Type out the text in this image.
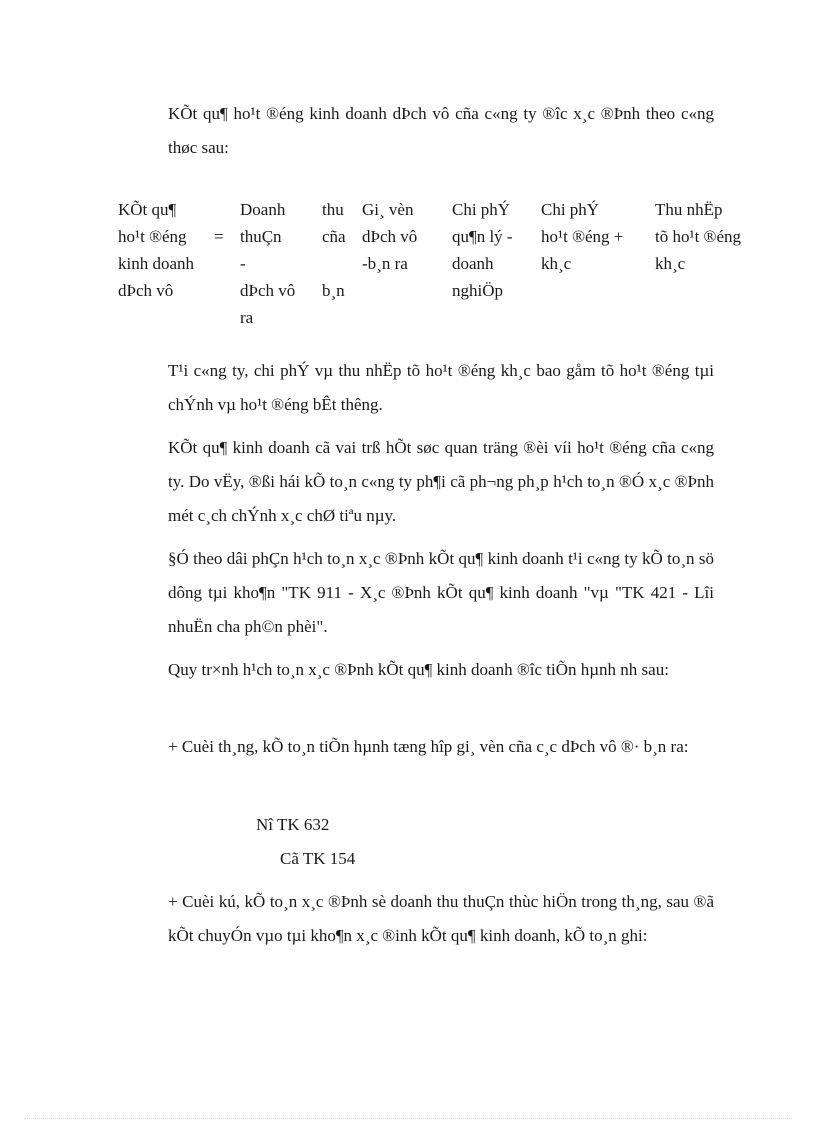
KÕt qu¶ ho¹t ®éng kinh doanh dÞch vô cña c«ng ty ®îc x¸c ®Þnh theo c«ng thøc sau:

KÕt qu¶
ho¹t ®éng
kinh doanh
dÞch vô
=
Doanh
thuÇn
-
dÞch vô
ra
thu
cña

b¸n
Gi¸ vèn
dÞch vô
-b¸n ra
Chi phÝ
qu¶n lý -
doanh
nghiÖp
Chi phÝ
ho¹t ®éng +
kh¸c
Thu nhËp
tõ ho¹t ®éng
kh¸c

T¹i c«ng ty, chi phÝ vµ thu nhËp tõ ho¹t ®éng kh¸c bao gåm tõ ho¹t ®éng tµi chÝnh vµ ho¹t ®éng bÊt thêng.

KÕt qu¶ kinh doanh cã vai trß hÕt søc quan träng ®èi víi ho¹t ®éng cña c«ng ty. Do vËy, ®ßi hái kÕ to¸n c«ng ty ph¶i cã ph¬ng ph¸p h¹ch to¸n ®Ó x¸c ®Þnh mét c¸ch chÝnh x¸c chØ tiªu nµy.

§Ó theo dâi phÇn h¹ch to¸n x¸c ®Þnh kÕt qu¶ kinh doanh t¹i c«ng ty kÕ to¸n sö dông tµi kho¶n "TK 911 - X¸c ®Þnh kÕt qu¶ kinh doanh "vµ "TK 421 - Lîi nhuËn cha ph©n phèi".

Quy tr×nh h¹ch to¸n x¸c ®Þnh kÕt qu¶ kinh doanh ®îc tiÕn hµnh nh sau:

+ Cuèi th¸ng, kÕ to¸n tiÕn hµnh tæng hîp gi¸ vèn cña c¸c dÞch vô ®· b¸n ra:

Nî TK 632
Cã TK 154

+ Cuèi kú, kÕ to¸n x¸c ®Þnh sè doanh thu thuÇn thùc hiÖn trong th¸ng, sau ®ã kÕt chuyÓn vµo tµi kho¶n x¸c ®inh kÕt qu¶ kinh doanh, kÕ to¸n ghi:
